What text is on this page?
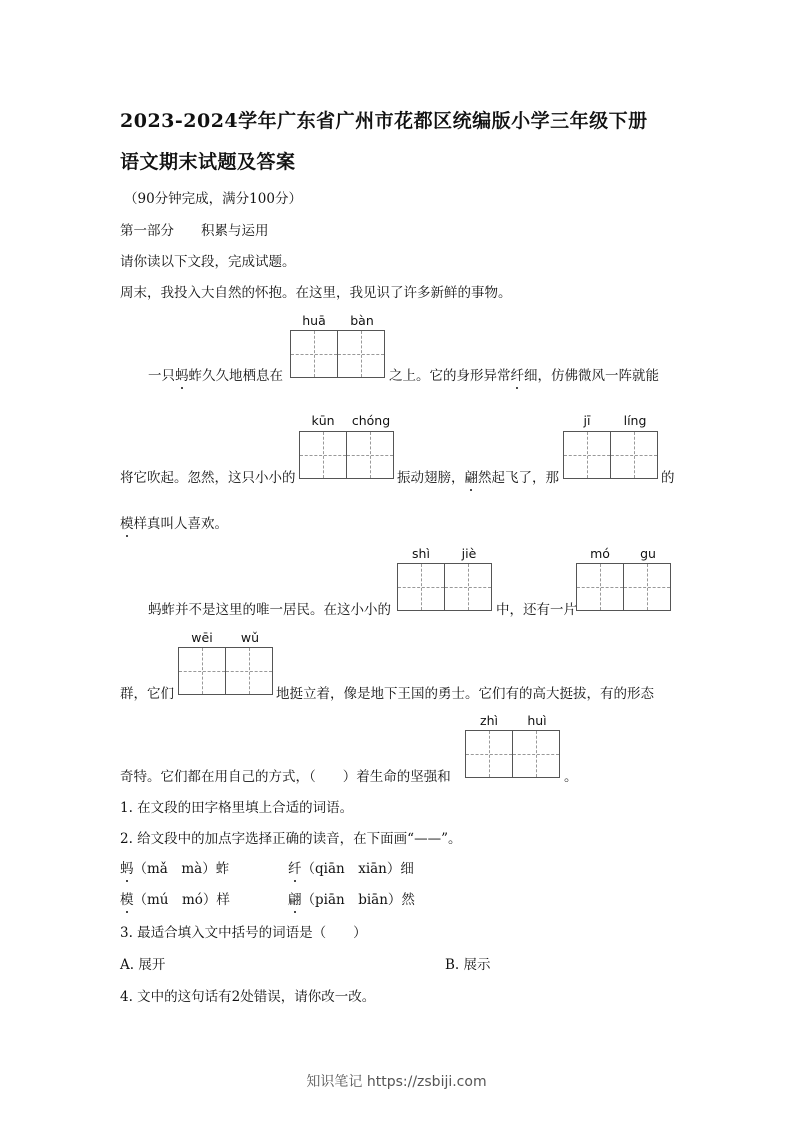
2023-2024学年广东省广州市花都区统编版小学三年级下册
语文期末试题及答案
（90分钟完成，满分100分）
第一部分　　积累与运用
请你读以下文段，完成试题。
周末，我投入大自然的怀抱。在这里，我见识了许多新鲜的事物。
huā	bàn
一只蚂蚱久久地栖息在	之上。它的身形异常纤细，仿佛微风一阵就能
kūn	chóng	jī	líng
将它吹起。忽然，这只小小的	振动翅膀，翩然起飞了，那	的
模样真叫人喜欢。
shì	jiè	mó	gu
蚂蚱并不是这里的唯一居民。在这小小的	中，还有一片
wēi	wǔ
群，它们	地挺立着，像是地下王国的勇士。它们有的高大挺拔，有的形态
zhì	huì
奇特。它们都在用自己的方式，（　　）着生命的坚强和	。
1. 在文段的田字格里填上合适的词语。
2. 给文段中的加点字选择正确的读音，在下面画“——”。
蚂（mǎ　mà）蚱	纤（qiān　xiān）细
模（mú　mó）样	翩（piān　biān）然
3. 最适合填入文中括号的词语是（　　）
A. 展开	B. 展示
4. 文中的这句话有2处错误，请你改一改。
知识笔记 https://zsbiji.com
